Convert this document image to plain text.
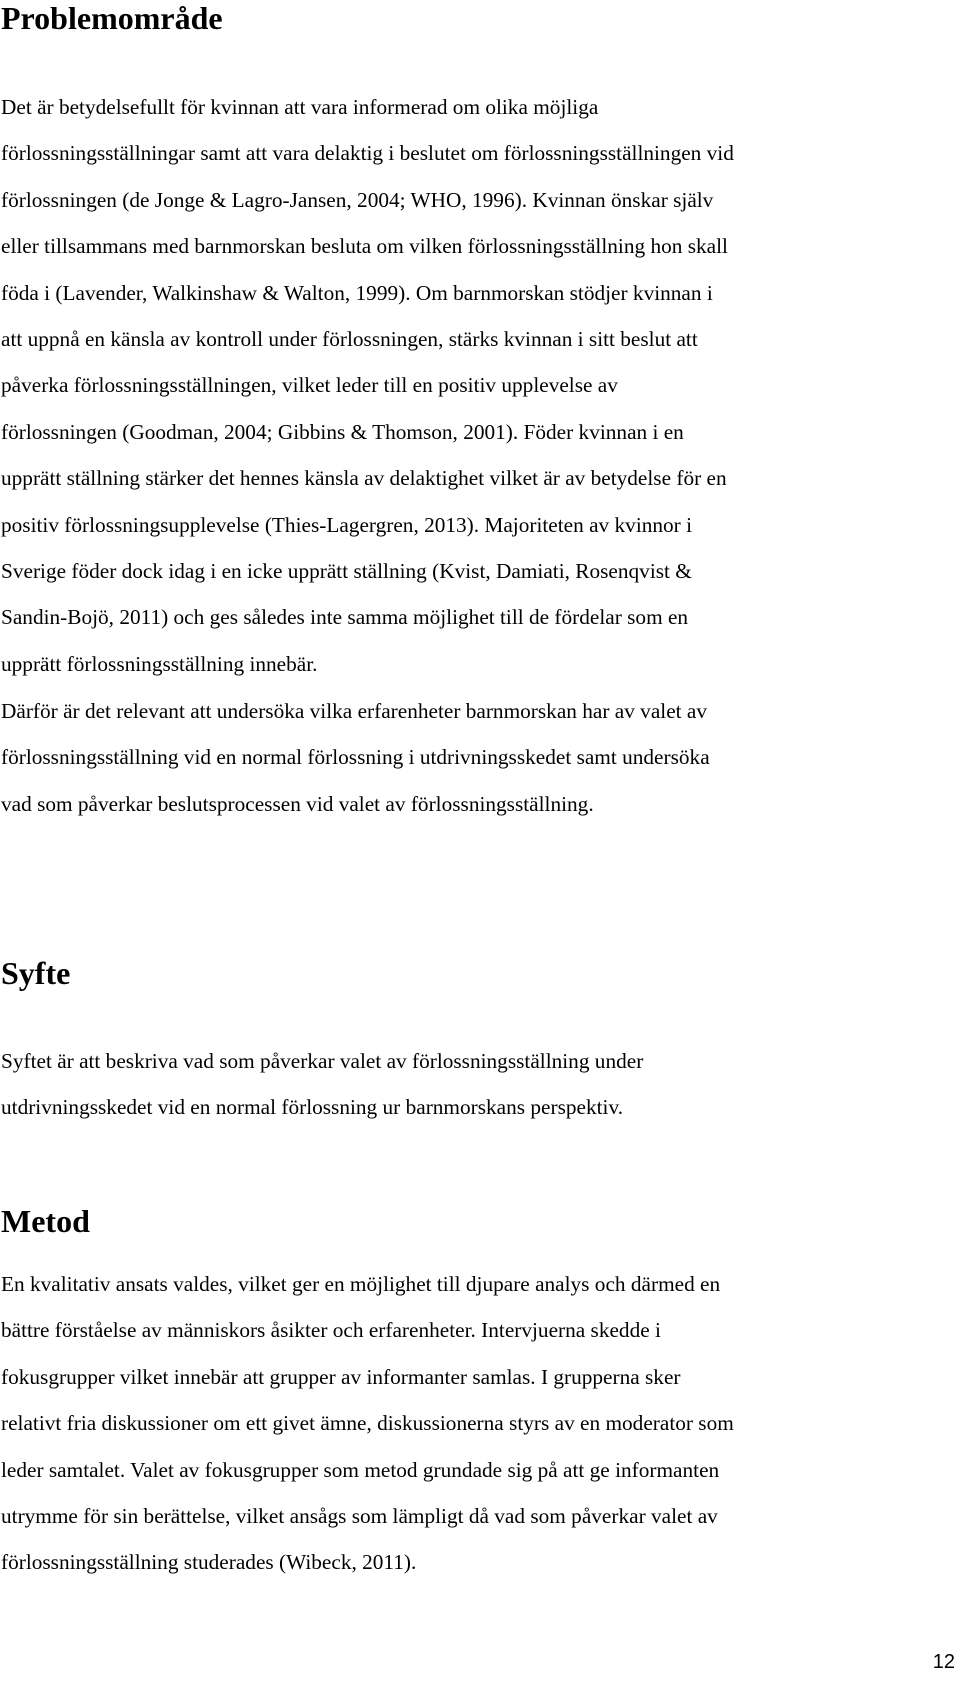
Problemområde

Det är betydelsefullt för kvinnan att vara informerad om olika möjliga
förlossningsställningar samt att vara delaktig i beslutet om förlossningsställningen vid
förlossningen (de Jonge & Lagro-Jansen, 2004; WHO, 1996). Kvinnan önskar själv
eller tillsammans med barnmorskan besluta om vilken förlossningsställning hon skall
föda i (Lavender, Walkinshaw & Walton, 1999). Om barnmorskan stödjer kvinnan i
att uppnå en känsla av kontroll under förlossningen, stärks kvinnan i sitt beslut att
påverka förlossningsställningen, vilket leder till en positiv upplevelse av
förlossningen (Goodman, 2004; Gibbins & Thomson, 2001). Föder kvinnan i en
upprätt ställning stärker det hennes känsla av delaktighet vilket är av betydelse för en
positiv förlossningsupplevelse (Thies-Lagergren, 2013). Majoriteten av kvinnor i
Sverige föder dock idag i en icke upprätt ställning (Kvist, Damiati, Rosenqvist &
Sandin-Bojö, 2011) och ges således inte samma möjlighet till de fördelar som en
upprätt förlossningsställning innebär.

Därför är det relevant att undersöka vilka erfarenheter barnmorskan har av valet av
förlossningsställning vid en normal förlossning i utdrivningsskedet samt undersöka
vad som påverkar beslutsprocessen vid valet av förlossningsställning.

Syfte

Syftet är att beskriva vad som påverkar valet av förlossningsställning under
utdrivningsskedet vid en normal förlossning ur barnmorskans perspektiv.

Metod

En kvalitativ ansats valdes, vilket ger en möjlighet till djupare analys och därmed en
bättre förståelse av människors åsikter och erfarenheter. Intervjuerna skedde i
fokusgrupper vilket innebär att grupper av informanter samlas. I grupperna sker
relativt fria diskussioner om ett givet ämne, diskussionerna styrs av en moderator som
leder samtalet. Valet av fokusgrupper som metod grundade sig på att ge informanten
utrymme för sin berättelse, vilket ansågs som lämpligt då vad som påverkar valet av
förlossningsställning studerades (Wibeck, 2011).

12
